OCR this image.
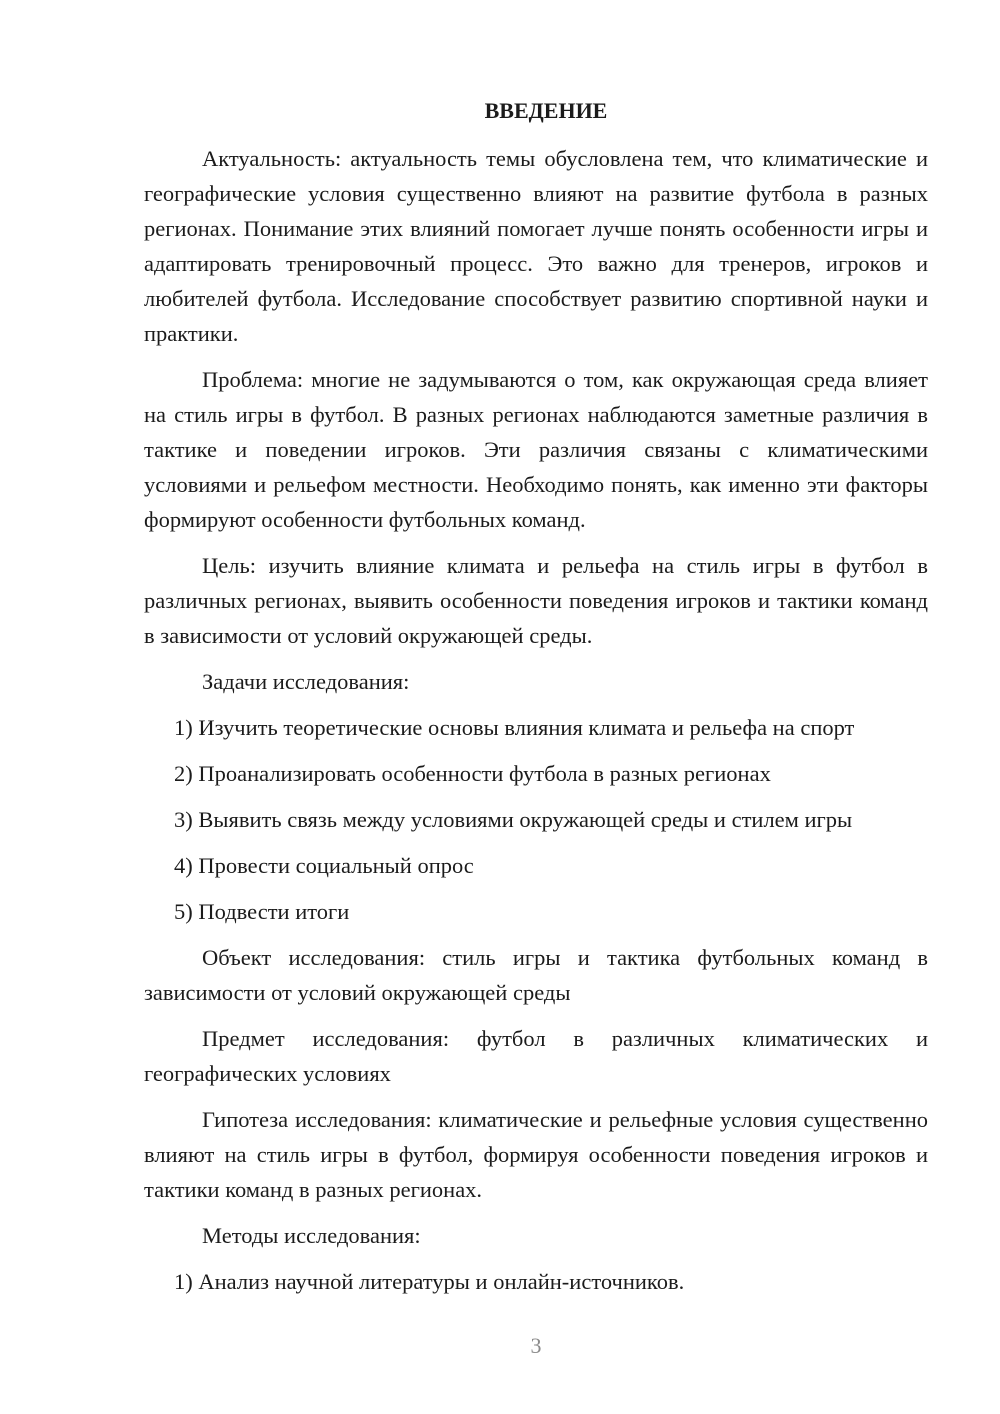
ВВЕДЕНИЕ

Актуальность: актуальность темы обусловлена тем, что климатические и географические условия существенно влияют на развитие футбола в разных регионах. Понимание этих влияний помогает лучше понять особенности игры и адаптировать тренировочный процесс. Это важно для тренеров, игроков и любителей футбола. Исследование способствует развитию спортивной науки и практики.

Проблема: многие не задумываются о том, как окружающая среда влияет на стиль игры в футбол. В разных регионах наблюдаются заметные различия в тактике и поведении игроков. Эти различия связаны с климатическими условиями и рельефом местности. Необходимо понять, как именно эти факторы формируют особенности футбольных команд.

Цель: изучить влияние климата и рельефа на стиль игры в футбол в различных регионах, выявить особенности поведения игроков и тактики команд в зависимости от условий окружающей среды.

Задачи исследования:

1) Изучить теоретические основы влияния климата и рельефа на спорт
2) Проанализировать особенности футбола в разных регионах
3) Выявить связь между условиями окружающей среды и стилем игры
4) Провести социальный опрос
5) Подвести итоги

Объект исследования: стиль игры и тактика футбольных команд в зависимости от условий окружающей среды

Предмет исследования: футбол в различных климатических и географических условиях

Гипотеза исследования: климатические и рельефные условия существенно влияют на стиль игры в футбол, формируя особенности поведения игроков и тактики команд в разных регионах.

Методы исследования:

1) Анализ научной литературы и онлайн-источников.
3
